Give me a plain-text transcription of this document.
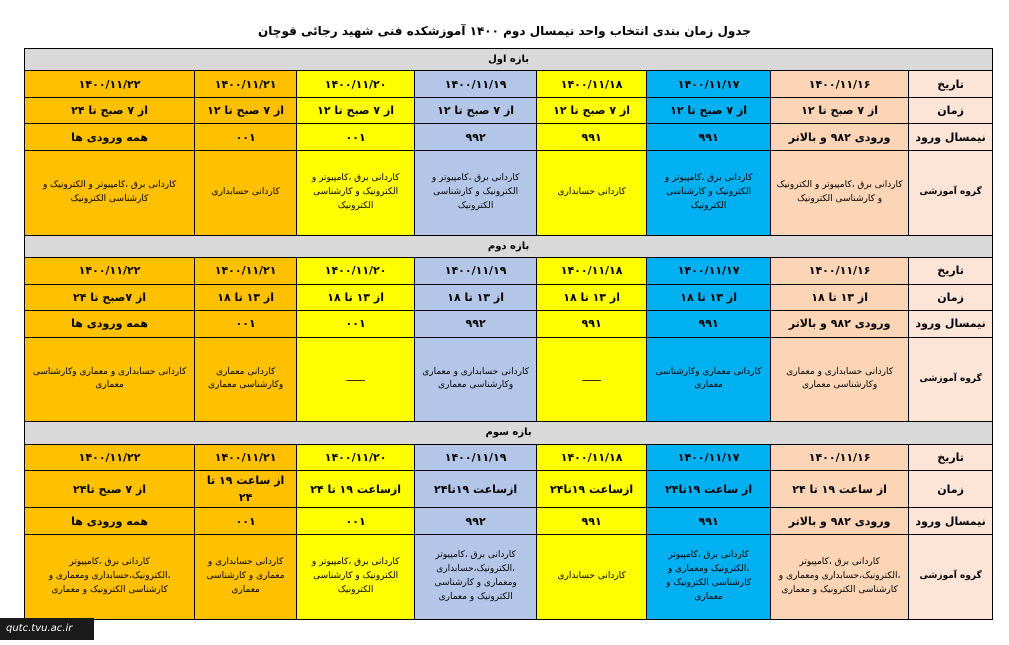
جدول زمان بندی انتخاب واحد نیمسال دوم ۱۴۰۰ آموزشکده فنی شهید رجائی قوچان
بازه اول							
تاریخ	۱۴۰۰/۱۱/۱۶	۱۴۰۰/۱۱/۱۷	۱۴۰۰/۱۱/۱۸	۱۴۰۰/۱۱/۱۹	۱۴۰۰/۱۱/۲۰	۱۴۰۰/۱۱/۲۱	۱۴۰۰/۱۱/۲۲
زمان	از ۷ صبح تا ۱۲	از ۷ صبح تا ۱۲	از ۷ صبح تا ۱۲	از ۷ صبح تا ۱۲	از ۷ صبح تا ۱۲	از ۷ صبح تا ۱۲	از ۷ صبح تا ۲۴
نیمسال ورود	ورودی ۹۸۲ و بالاتر	۹۹۱	۹۹۱	۹۹۲	۰۰۱	۰۰۱	همه ورودی ها
گروه آموزشی	کاردانی برق ،کامپیوتر و الکترونیک و کارشناسی الکترونیک	کاردانی برق ،کامپیوتر و الکترونیک و کارشناسی الکترونیک	کاردانی حسابداری	کاردانی برق ،کامپیوتر و الکترونیک و کارشناسی الکترونیک	کاردانی برق ،کامپیوتر و الکترونیک و کارشناسی الکترونیک	کاردانی حسابداری	کاردانی برق ،کامپیوتر و الکترونیک و کارشناسی الکترونیک
بازه دوم							
تاریخ	۱۴۰۰/۱۱/۱۶	۱۴۰۰/۱۱/۱۷	۱۴۰۰/۱۱/۱۸	۱۴۰۰/۱۱/۱۹	۱۴۰۰/۱۱/۲۰	۱۴۰۰/۱۱/۲۱	۱۴۰۰/۱۱/۲۲
زمان	از ۱۳ تا ۱۸	از ۱۳ تا ۱۸	از ۱۳ تا ۱۸	از ۱۳ تا ۱۸	از ۱۳ تا ۱۸	از ۱۳ تا ۱۸	از ۷صبح تا ۲۴
نیمسال ورود	ورودی ۹۸۲ و بالاتر	۹۹۱	۹۹۱	۹۹۲	۰۰۱	۰۰۱	همه ورودی ها
گروه آموزشی	کاردانی حسابداری و معماری وکارشناسی معماری	کاردانی معماری وکارشناسی معماری	ـــــــ	کاردانی حسابداری و معماری وکارشناسی معماری	ـــــــ	کاردانی معماری وکارشناسی معماری	کاردانی حسابداری و معماری وکارشناسی معماری
بازه سوم							
تاریخ	۱۴۰۰/۱۱/۱۶	۱۴۰۰/۱۱/۱۷	۱۴۰۰/۱۱/۱۸	۱۴۰۰/۱۱/۱۹	۱۴۰۰/۱۱/۲۰	۱۴۰۰/۱۱/۲۱	۱۴۰۰/۱۱/۲۲
زمان	از ساعت ۱۹ تا ۲۴	از ساعت ۱۹تا۲۴	ازساعت ۱۹تا۲۴	ازساعت ۱۹تا۲۴	ازساعت ۱۹ تا ۲۴	از ساعت ۱۹ تا ۲۴	از ۷ صبح تا۲۴
نیمسال ورود	ورودی ۹۸۲ و بالاتر	۹۹۱	۹۹۱	۹۹۲	۰۰۱	۰۰۱	همه ورودی ها
گروه آموزشی	کاردانی برق ،کامپیوتر ،الکترونیک،حسابداری ومعماری و کارشناسی الکترونیک و معماری	کاردانی برق ،کامپیوتر ،الکترونیک ومعماری و کارشناسی الکترونیک و معماری	کاردانی حسابداری	کاردانی برق ،کامپیوتر ،الکترونیک،حسابداری ومعماری و کارشناسی الکترونیک و معماری	کاردانی برق ،کامپیوتر و الکترونیک و کارشناسی الکترونیک	کاردانی حسابداری و معماری و کارشناسی معماری	کاردانی برق ،کامپیوتر ،الکترونیک،حسابداری ومعماری و کارشناسی الکترونیک و معماری
qutc.tvu.ac.ir
